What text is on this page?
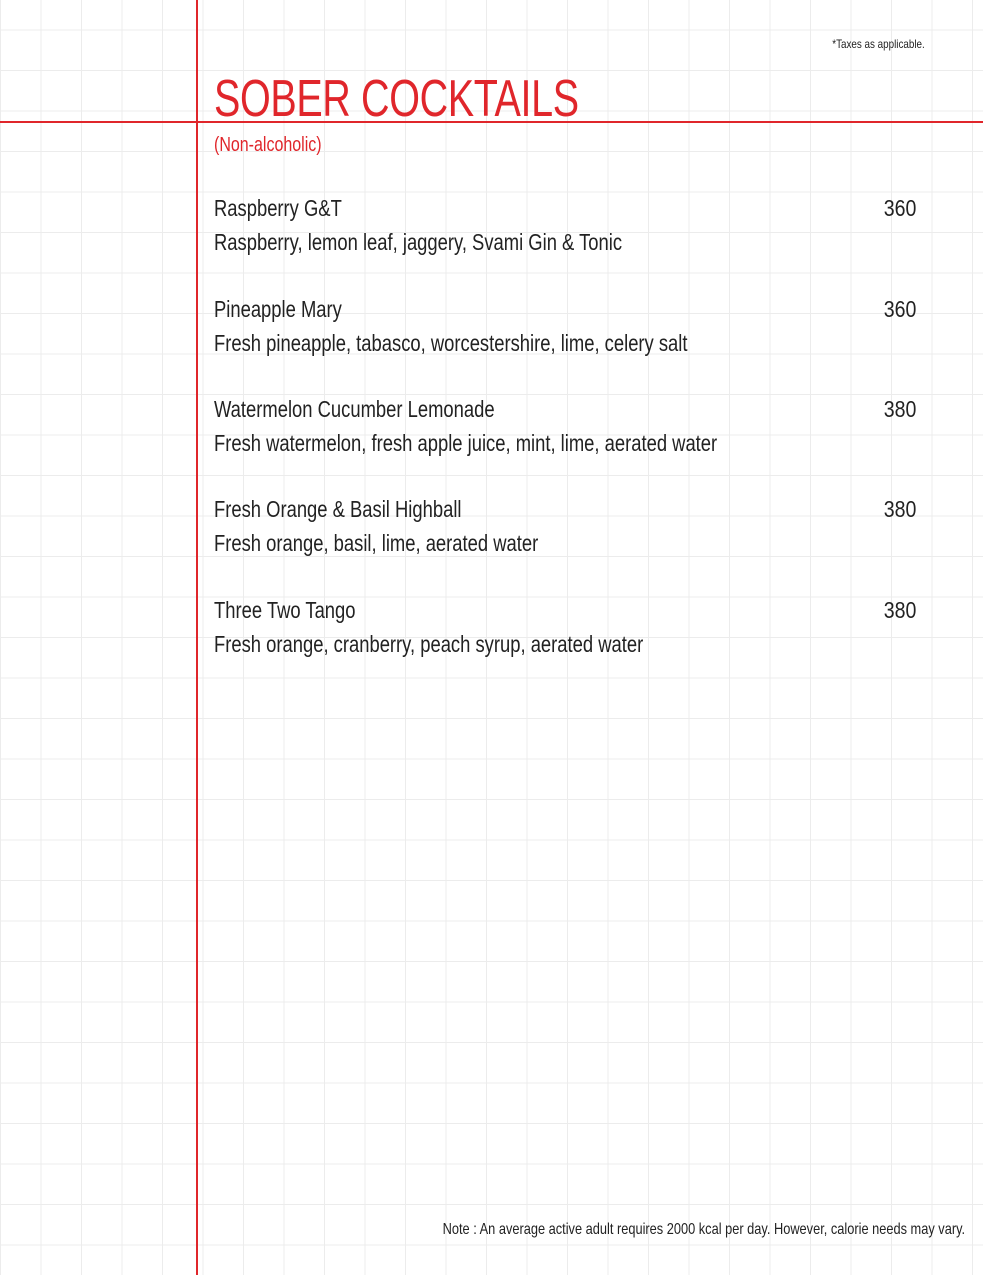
*Taxes as applicable.
SOBER COCKTAILS
(Non-alcoholic)
Raspberry G&T
Raspberry, lemon leaf, jaggery, Svami Gin & Tonic
360
Pineapple Mary
Fresh pineapple, tabasco, worcestershire, lime, celery salt
360
Watermelon Cucumber Lemonade
Fresh watermelon, fresh apple juice, mint, lime, aerated water
380
Fresh Orange & Basil Highball
Fresh orange, basil, lime, aerated water
380
Three Two Tango
Fresh orange, cranberry, peach syrup, aerated water
380
Note : An average active adult requires 2000 kcal per day. However, calorie needs may vary.
